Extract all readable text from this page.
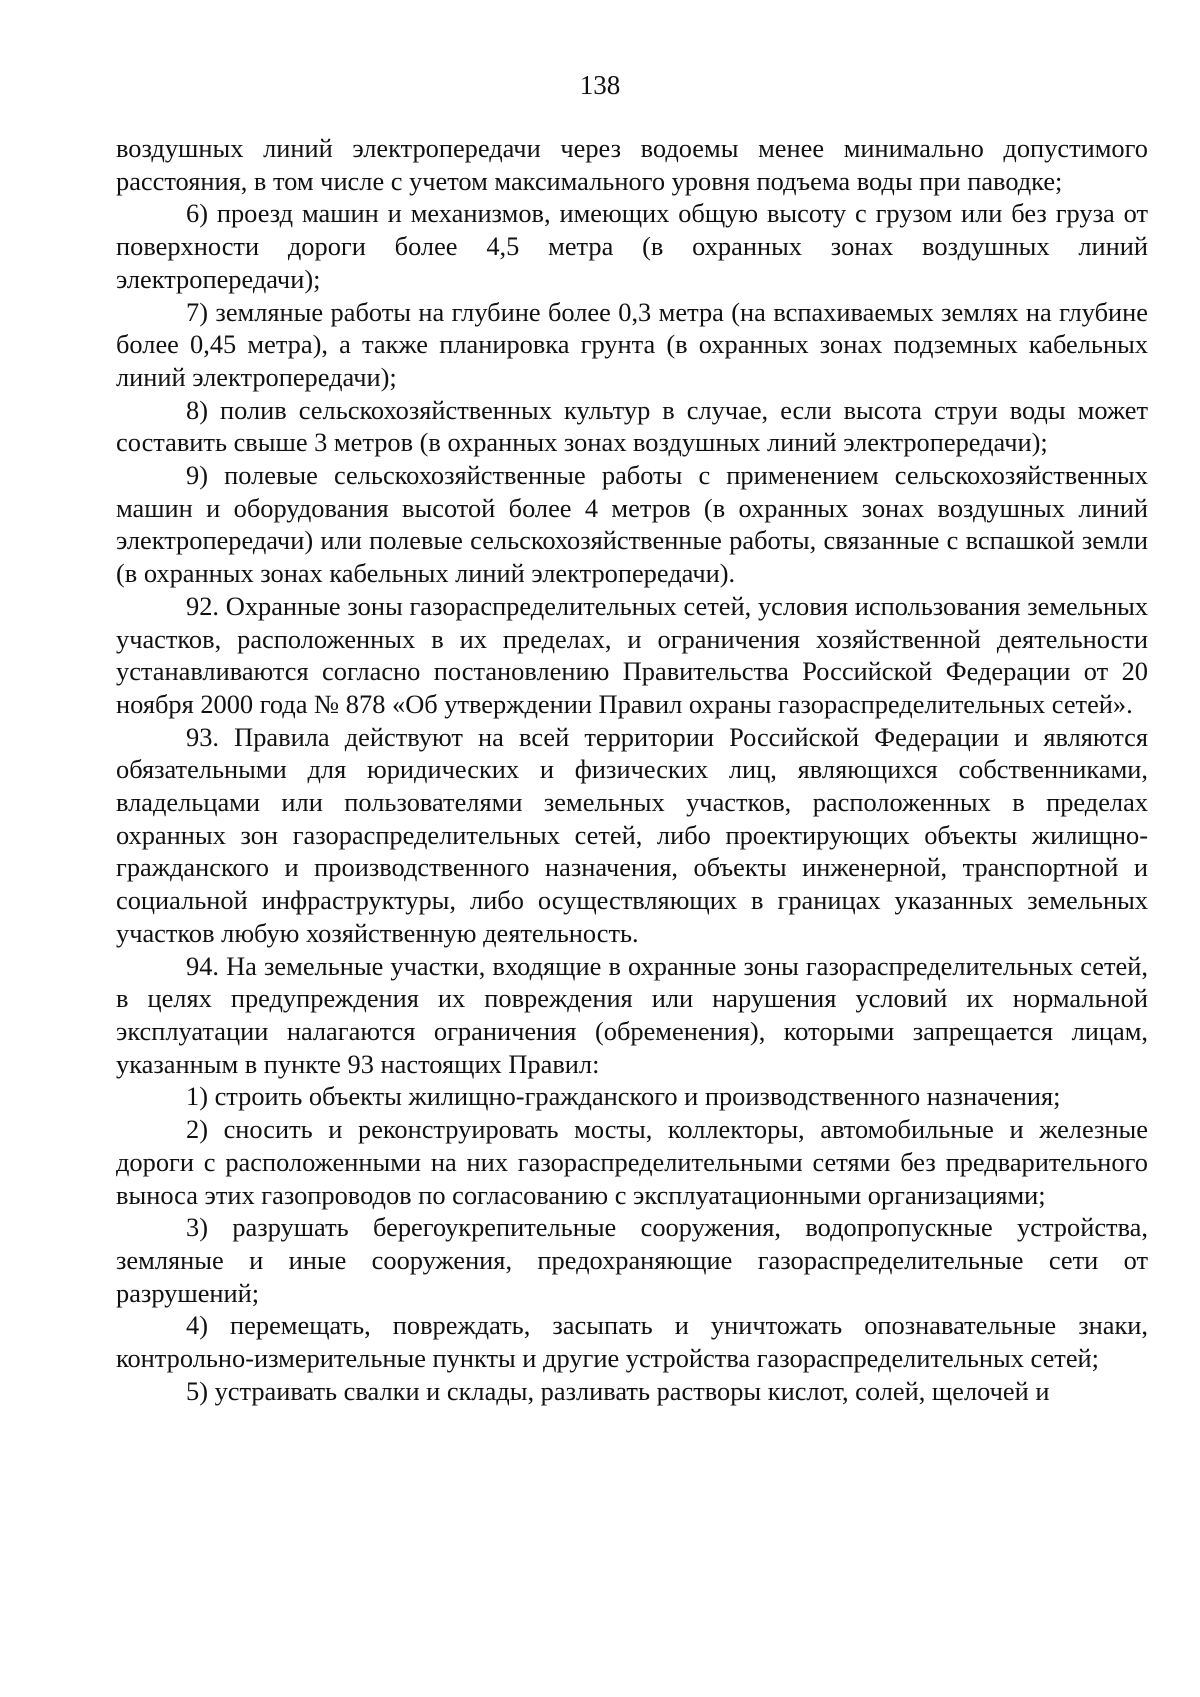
138

воздушных линий электропередачи через водоемы менее минимально допустимого расстояния, в том числе с учетом максимального уровня подъема воды при паводке;

6) проезд машин и механизмов, имеющих общую высоту с грузом или без груза от поверхности дороги более 4,5 метра (в охранных зонах воздушных линий электропередачи);

7) земляные работы на глубине более 0,3 метра (на вспахиваемых землях на глубине более 0,45 метра), а также планировка грунта (в охранных зонах подземных кабельных линий электропередачи);

8) полив сельскохозяйственных культур в случае, если высота струи воды может составить свыше 3 метров (в охранных зонах воздушных линий электропередачи);

9) полевые сельскохозяйственные работы с применением сельскохозяйственных машин и оборудования высотой более 4 метров (в охранных зонах воздушных линий электропередачи) или полевые сельскохозяйственные работы, связанные с вспашкой земли (в охранных зонах кабельных линий электропередачи).

92. Охранные зоны газораспределительных сетей, условия использования земельных участков, расположенных в их пределах, и ограничения хозяйственной деятельности устанавливаются согласно постановлению Правительства Российской Федерации от 20 ноября 2000 года № 878 «Об утверждении Правил охраны газораспределительных сетей».

93. Правила действуют на всей территории Российской Федерации и являются обязательными для юридических и физических лиц, являющихся собственниками, владельцами или пользователями земельных участков, расположенных в пределах охранных зон газораспределительных сетей, либо проектирующих объекты жилищно-гражданского и производственного назначения, объекты инженерной, транспортной и социальной инфраструктуры, либо осуществляющих в границах указанных земельных участков любую хозяйственную деятельность.

94. На земельные участки, входящие в охранные зоны газораспределительных сетей, в целях предупреждения их повреждения или нарушения условий их нормальной эксплуатации налагаются ограничения (обременения), которыми запрещается лицам, указанным в пункте 93 настоящих Правил:

1) строить объекты жилищно-гражданского и производственного назначения;

2) сносить и реконструировать мосты, коллекторы, автомобильные и железные дороги с расположенными на них газораспределительными сетями без предварительного выноса этих газопроводов по согласованию с эксплуатационными организациями;

3) разрушать берегоукрепительные сооружения, водопропускные устройства, земляные и иные сооружения, предохраняющие газораспределительные сети от разрушений;

4) перемещать, повреждать, засыпать и уничтожать опознавательные знаки, контрольно-измерительные пункты и другие устройства газораспределительных сетей;

5) устраивать свалки и склады, разливать растворы кислот, солей, щелочей и
